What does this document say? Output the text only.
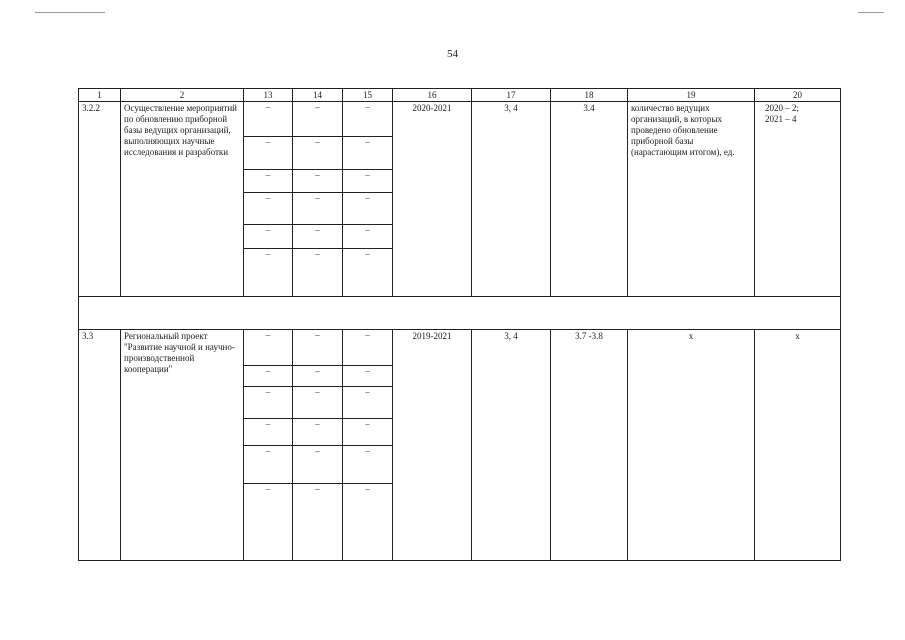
54
1	2	13	14	15	16	17	18	19	20

3.2.2	Осуществление мероприятий по обновлению приборной базы ведущих организаций, выполняющих научные исследования и разработки	–	–	–	2020-2021	3, 4	3.4	количество ведущих организаций, в которых проведено обновление приборной базы (нарастающим итогом), ед.	2020 – 2;
2021 – 4

		–	–	–					
		–	–	–					
		–	–	–					
		–	–	–					
		–	–	–					

3.3	Региональный проект "Развитие научной и научно-производственной кооперации"	–	–	–	2019-2021	3, 4	3.7 -3.8	х	х

		–	–	–					
		–	–	–					
		–	–	–					
		–	–	–					
		–	–	–					
